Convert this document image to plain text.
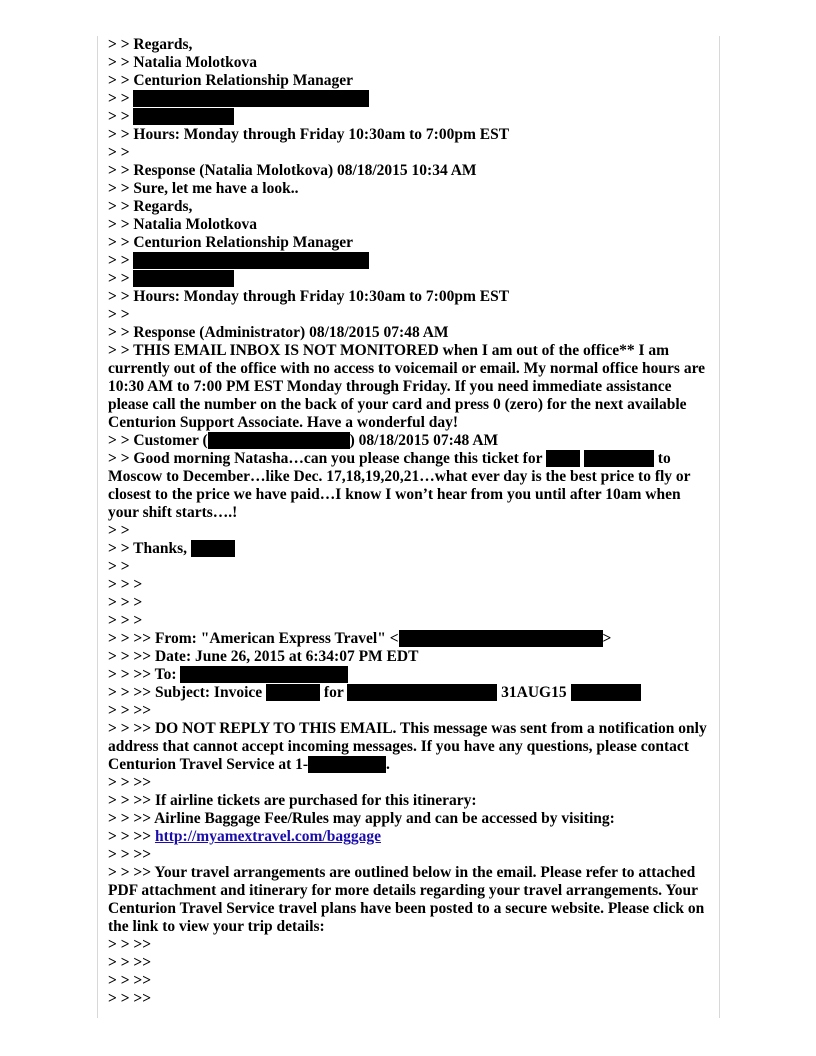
> > Regards,
> > Natalia Molotkova
> > Centurion Relationship Manager
> >
> >
> > Hours: Monday through Friday 10:30am to 7:00pm EST
> >
> > Response (Natalia Molotkova) 08/18/2015 10:34 AM
> > Sure, let me have a look..
> > Regards,
> > Natalia Molotkova
> > Centurion Relationship Manager
> >
> >
> > Hours: Monday through Friday 10:30am to 7:00pm EST
> >
> > Response (Administrator) 08/18/2015 07:48 AM
> > THIS EMAIL INBOX IS NOT MONITORED when I am out of the office** I am currently out of the office with no access to voicemail or email. My normal office hours are 10:30 AM to 7:00 PM EST Monday through Friday. If you need immediate assistance please call the number on the back of your card and press 0 (zero) for the next available Centurion Support Associate. Have a wonderful day!
> > Customer (	) 08/18/2015 07:48 AM
> > Good morning Natasha…can you please change this ticket for	to Moscow to December…like Dec. 17,18,19,20,21…what ever day is the best price to fly or closest to the price we have paid…I know I won’t hear from you until after 10am when your shift starts….!
> >
> > Thanks,
> >
> > >
> > >
> > >
> > >> From: "American Express Travel" <	>
> > >> Date: June 26, 2015 at 6:34:07 PM EDT
> > >> To:
> > >> Subject: Invoice	for	31AUG15
> > >>
> > >> DO NOT REPLY TO THIS EMAIL. This message was sent from a notification only address that cannot accept incoming messages. If you have any questions, please contact Centurion Travel Service at 1-	.
> > >>
> > >> If airline tickets are purchased for this itinerary:
> > >> Airline Baggage Fee/Rules may apply and can be accessed by visiting:
> > >> http://myamextravel.com/baggage
> > >>
> > >> Your travel arrangements are outlined below in the email. Please refer to attached PDF attachment and itinerary for more details regarding your travel arrangements. Your Centurion Travel Service travel plans have been posted to a secure website. Please click on the link to view your trip details:
> > >>
> > >>
> > >>
> > >>
